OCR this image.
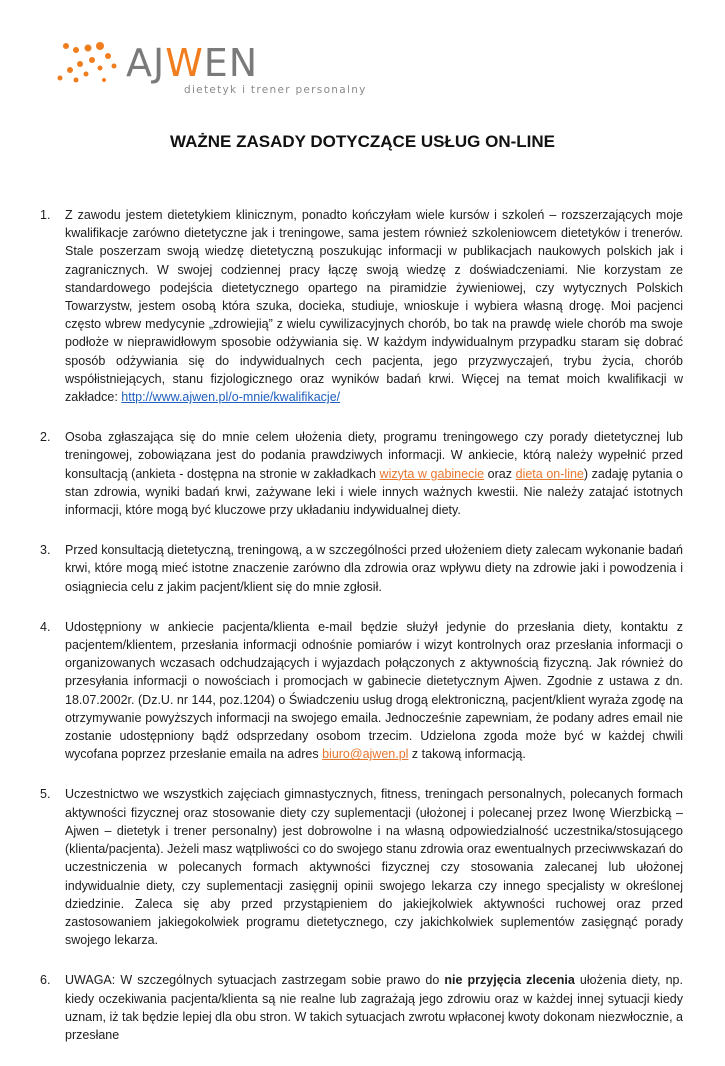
AJWEN
dietetyk i trener personalny
WAŻNE ZASADY DOTYCZĄCE USŁUG ON-LINE
1. Z zawodu jestem dietetykiem klinicznym, ponadto kończyłam wiele kursów i szkoleń – rozszerzających moje kwalifikacje zarówno dietetyczne jak i treningowe, sama jestem również szkoleniowcem dietetyków i trenerów. Stale poszerzam swoją wiedzę dietetyczną poszukując informacji w publikacjach naukowych polskich jak i zagranicznych. W swojej codziennej pracy łączę swoją wiedzę z doświadczeniami. Nie korzystam ze standardowego podejścia dietetycznego opartego na piramidzie żywieniowej, czy wytycznych Polskich Towarzystw, jestem osobą która szuka, docieka, studiuje, wnioskuje i wybiera własną drogę. Moi pacjenci często wbrew medycynie „zdrowiejią” z wielu cywilizacyjnych chorób, bo tak na prawdę wiele chorób ma swoje podłoże w nieprawidłowym sposobie odżywiania się. W każdym indywidualnym przypadku staram się dobrać sposób odżywiania się do indywidualnych cech pacjenta, jego przyzwyczajeń, trybu życia, chorób współistniejących, stanu fizjologicznego oraz wyników badań krwi. Więcej na temat moich kwalifikacji w zakładce: http://www.ajwen.pl/o-mnie/kwalifikacje/

2. Osoba zgłaszająca się do mnie celem ułożenia diety, programu treningowego czy porady dietetycznej lub treningowej, zobowiązana jest do podania prawdziwych informacji. W ankiecie, którą należy wypełnić przed konsultacją (ankieta - dostępna na stronie w zakładkach wizyta w gabinecie oraz dieta on-line) zadaję pytania o stan zdrowia, wyniki badań krwi, zażywane leki i wiele innych ważnych kwestii. Nie należy zatajać istotnych informacji, które mogą być kluczowe przy układaniu indywidualnej diety.

3. Przed konsultacją dietetyczną, treningową, a w szczególności przed ułożeniem diety zalecam wykonanie badań krwi, które mogą mieć istotne znaczenie zarówno dla zdrowia oraz wpływu diety na zdrowie jaki i powodzenia i osiągniecia celu z jakim pacjent/klient się do mnie zgłosił.

4. Udostępniony w ankiecie pacjenta/klienta e-mail będzie służył jedynie do przesłania diety, kontaktu z pacjentem/klientem, przesłania informacji odnośnie pomiarów i wizyt kontrolnych oraz przesłania informacji o organizowanych wczasach odchudzających i wyjazdach połączonych z aktywnością fizyczną. Jak również do przesyłania informacji o nowościach i promocjach w gabinecie dietetycznym Ajwen. Zgodnie z ustawa z dn. 18.07.2002r. (Dz.U. nr 144, poz.1204) o Świadczeniu usług drogą elektroniczną, pacjent/klient wyraża zgodę na otrzymywanie powyższych informacji na swojego emaila. Jednocześnie zapewniam, że podany adres email nie zostanie udostępniony bądź odsprzedany osobom trzecim. Udzielona zgoda może być w każdej chwili wycofana poprzez przesłanie emaila na adres biuro@ajwen.pl z takową informacją.

5. Uczestnictwo we wszystkich zajęciach gimnastycznych, fitness, treningach personalnych, polecanych formach aktywności fizycznej oraz stosowanie diety czy suplementacji (ułożonej i polecanej przez Iwonę Wierzbicką – Ajwen – dietetyk i trener personalny) jest dobrowolne i na własną odpowiedzialność uczestnika/stosującego (klienta/pacjenta). Jeżeli masz wątpliwości co do swojego stanu zdrowia oraz ewentualnych przeciwwskazań do uczestniczenia w polecanych formach aktywności fizycznej czy stosowania zalecanej lub ułożonej indywidualnie diety, czy suplementacji zasięgnij opinii swojego lekarza czy innego specjalisty w określonej dziedzinie. Zaleca się aby przed przystąpieniem do jakiejkolwiek aktywności ruchowej oraz przed zastosowaniem jakiegokolwiek programu dietetycznego, czy jakichkolwiek suplementów zasięgnąć porady swojego lekarza.

6. UWAGA: W szczególnych sytuacjach zastrzegam sobie prawo do nie przyjęcia zlecenia ułożenia diety, np. kiedy oczekiwania pacjenta/klienta są nie realne lub zagrażają jego zdrowiu oraz w każdej innej sytuacji kiedy uznam, iż tak będzie lepiej dla obu stron. W takich sytuacjach zwrotu wpłaconej kwoty dokonam niezwłocznie, a przesłane
